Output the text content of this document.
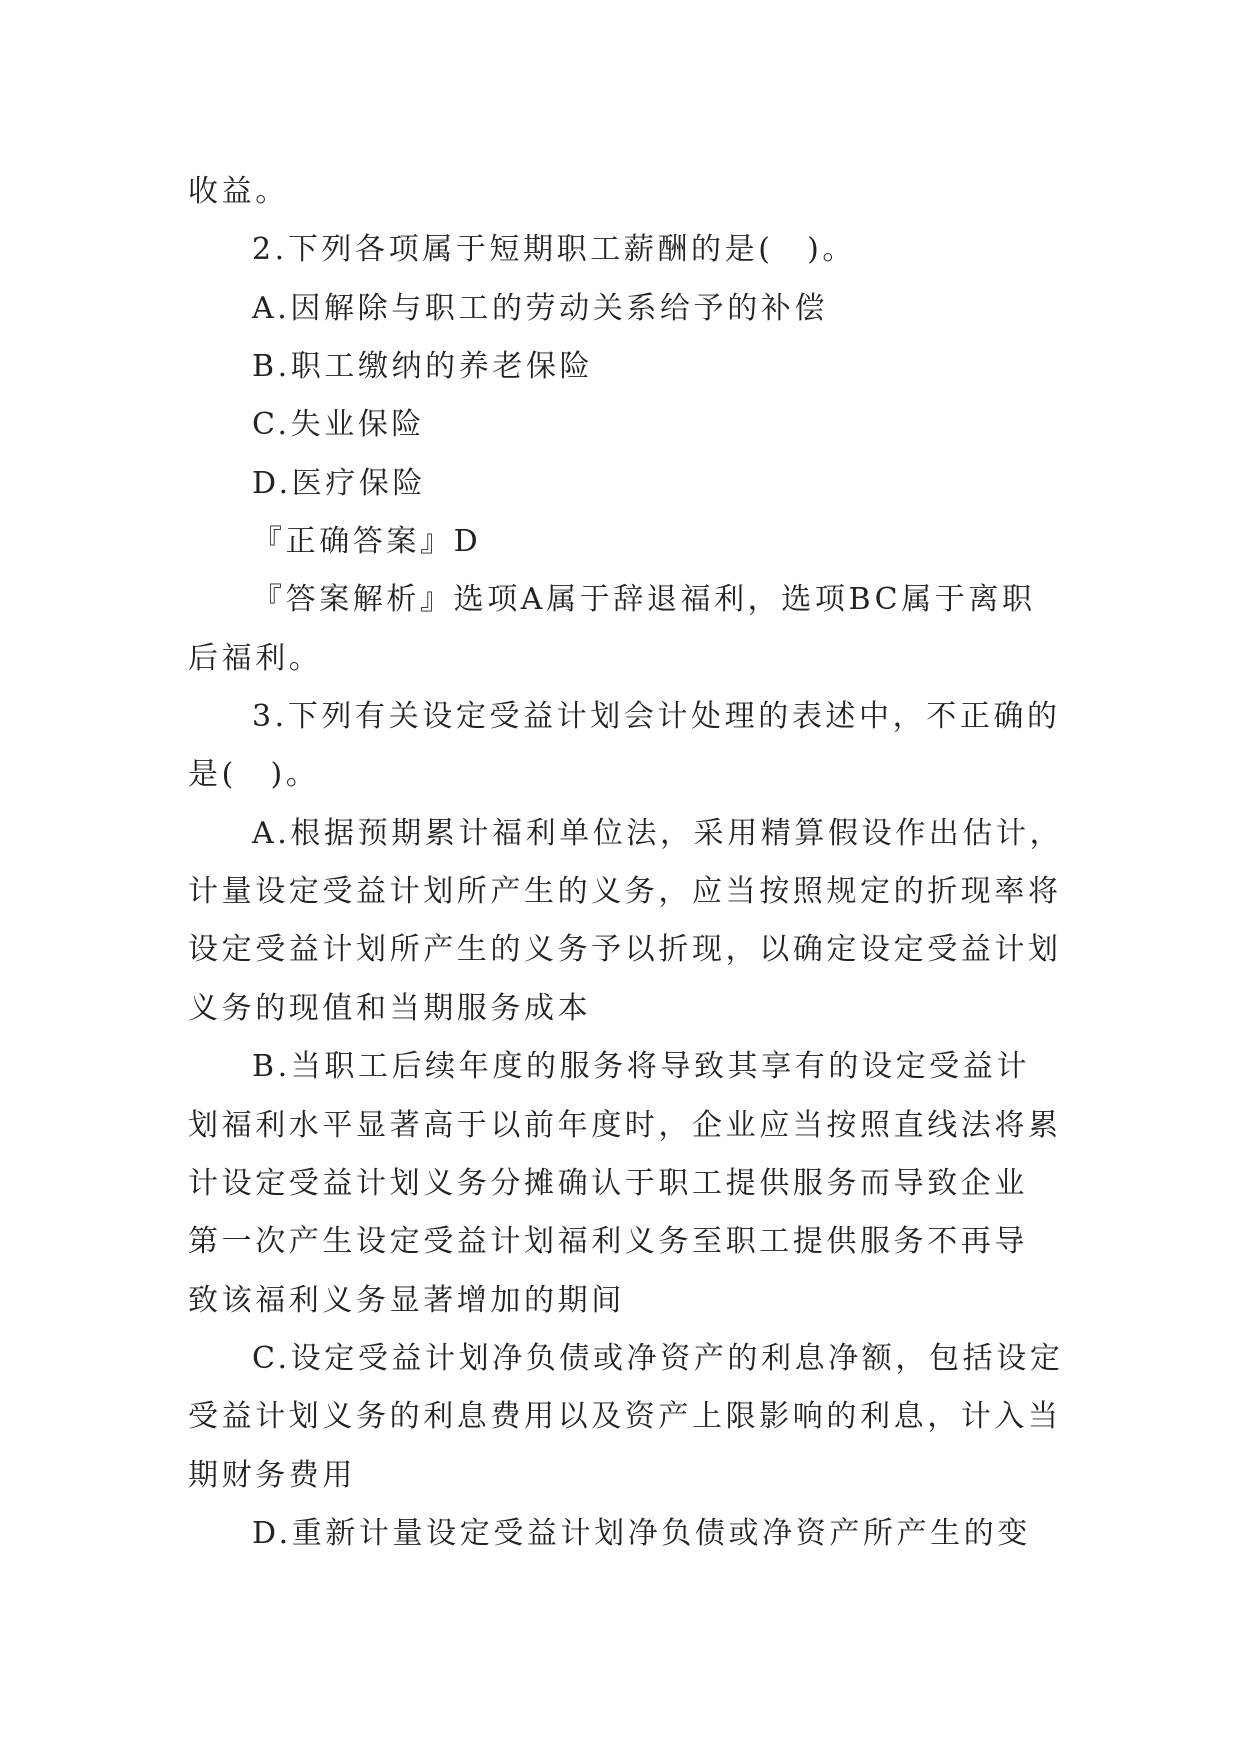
收益。
2.下列各项属于短期职工薪酬的是(　)。
A.因解除与职工的劳动关系给予的补偿
B.职工缴纳的养老保险
C.失业保险
D.医疗保险
『正确答案』D
『答案解析』选项A属于辞退福利，选项BC属于离职
后福利。
3.下列有关设定受益计划会计处理的表述中，不正确的
是(　)。
A.根据预期累计福利单位法，采用精算假设作出估计，
计量设定受益计划所产生的义务，应当按照规定的折现率将
设定受益计划所产生的义务予以折现，以确定设定受益计划
义务的现值和当期服务成本
B.当职工后续年度的服务将导致其享有的设定受益计
划福利水平显著高于以前年度时，企业应当按照直线法将累
计设定受益计划义务分摊确认于职工提供服务而导致企业
第一次产生设定受益计划福利义务至职工提供服务不再导
致该福利义务显著增加的期间
C.设定受益计划净负债或净资产的利息净额，包括设定
受益计划义务的利息费用以及资产上限影响的利息，计入当
期财务费用
D.重新计量设定受益计划净负债或净资产所产生的变
